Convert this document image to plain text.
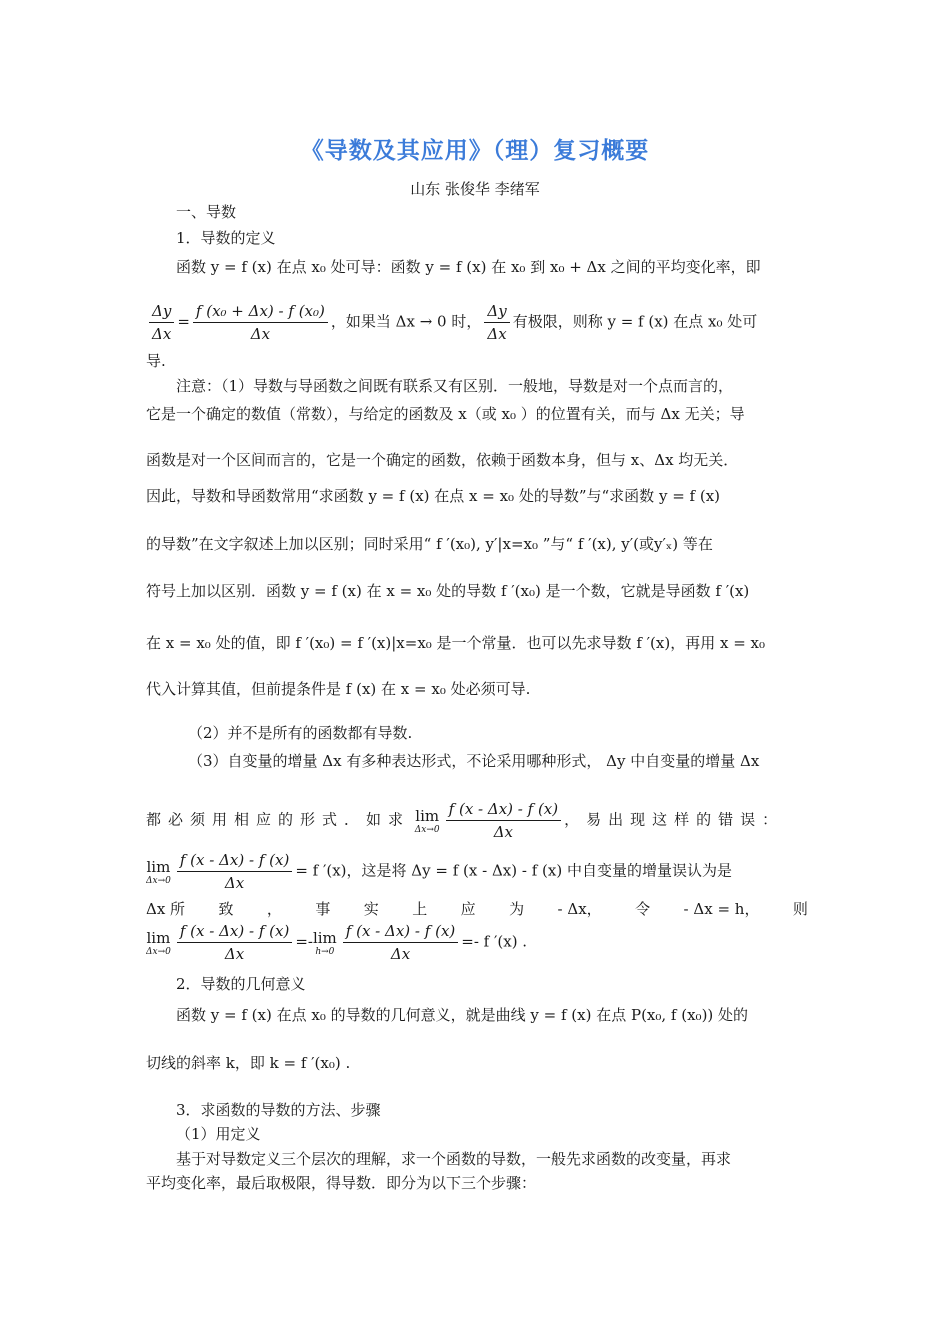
《导数及其应用》（理）复习概要
山东 张俊华 李绪军
一、导数
1．导数的定义
函数 y = f (x) 在点 x₀ 处可导：函数 y = f (x) 在 x₀ 到 x₀ + Δx 之间的平均变化率，即
$\frac{\Delta y}{\Delta x} = \frac{\text{f (x₀ + Δx) - f (x₀)}}{\Delta x}$ ，如果当 Δx → 0 时， $\frac{\Delta y}{\Delta x}$ 有极限，则称 y = f (x) 在点 x₀ 处可
导.
注意：（1）导数与导函数之间既有联系又有区别．一般地，导数是对一个点而言的，
它是一个确定的数值（常数），与给定的函数及 x（或 x₀ ）的位置有关，而与 Δx 无关；导
函数是对一个区间而言的，它是一个确定的函数，依赖于函数本身，但与 x、Δx 均无关．
因此，导数和导函数常用“求函数 y = f (x) 在点 x = x₀ 处的导数”与“求函数 y = f (x)
的导数”在文字叙述上加以区别；同时采用“ f ′(x₀), y′|x=x₀ ”与“ f ′(x), y′(或y′ₓ) 等在
符号上加以区别．函数 y = f (x) 在 x = x₀ 处的导数 f ′(x₀) 是一个数，它就是导函数 f ′(x)
在 x = x₀ 处的值，即 f ′(x₀) = f ′(x)|x=x₀ 是一个常量．也可以先求导数 f ′(x)，再用 x = x₀
代入计算其值，但前提条件是 f (x) 在 x = x₀ 处必须可导.
（2）并不是所有的函数都有导数.
（3）自变量的增量 Δx 有多种表达形式，不论采用哪种形式， Δy 中自变量的增量 Δx
都必须用相应的形式．如求 lim
$\Delta x\to 0 \frac{f (x - \Delta x) - f (x)}{\Delta x}$ ，易出现这样的错误：
lim
$\Delta x\to 0 \frac{f (x - \Delta x) - f (x)}{\Delta x} = f$ ′(x)，这是将 Δy = f (x - Δx) - f (x) 中自变量的增量误认为是
Δx 所 致 ， 事 实 上 应 为 - Δx， 令 - Δx = h， 则
lim
$\Delta x\to 0 \frac{f (x - \Delta x) - f (x)}{\Delta x} =- \lim$
$h\to 0 \frac{f (x - \Delta x) - f (x)}{\Delta x} =- f$ ′(x) .
2．导数的几何意义
函数 y = f (x) 在点 x₀ 的导数的几何意义，就是曲线 y = f (x) 在点 P(x₀, f (x₀)) 处的
切线的斜率 k，即 k = f ′(x₀) .
3．求函数的导数的方法、步骤
（1）用定义
基于对导数定义三个层次的理解，求一个函数的导数，一般先求函数的改变量，再求
平均变化率，最后取极限，得导数．即分为以下三个步骤：
